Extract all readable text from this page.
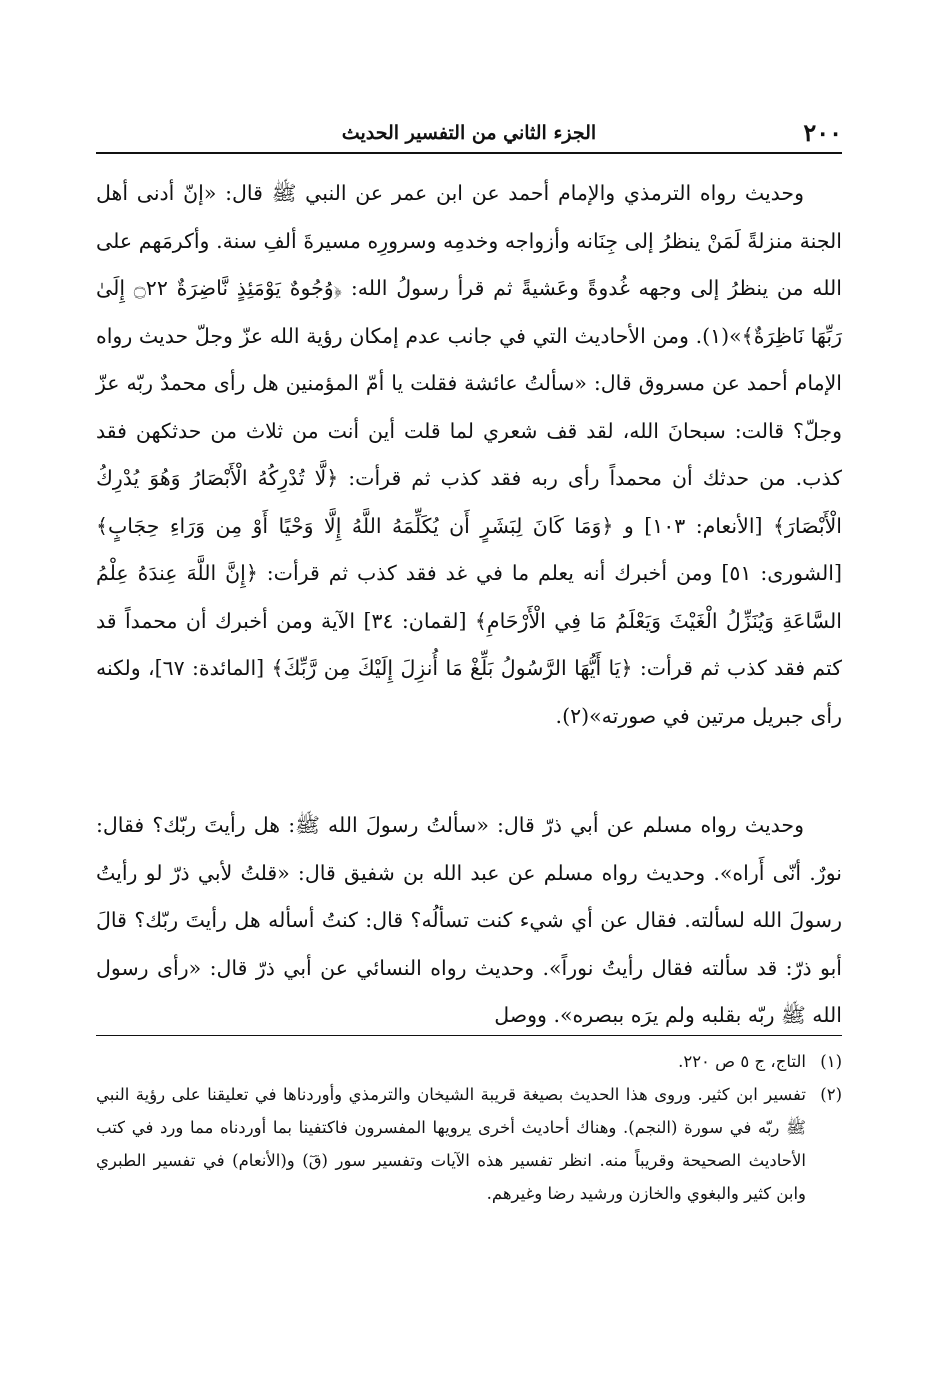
٢٠٠
الجزء الثاني من التفسير الحديث

وحديث رواه الترمذي والإمام أحمد عن ابن عمر عن النبي ﷺ قال: «إنّ أدنى أهل الجنة منزلةً لَمَنْ ينظرُ إلى جِنَانه وأزواجه وخدمِه وسرورِه مسيرةَ ألفِ سنة. وأكرمَهم على الله من ينظرُ إلى وجهه غُدوةً وعَشيةً ثم قرأ رسولُ الله: ﴿وُجُوهٌ يَوْمَئِذٍ نَّاضِرَةٌ ۝٢٢ إِلَىٰ رَبِّهَا نَاظِرَةٌ﴾»(١). ومن الأحاديث التي في جانب عدم إمكان رؤية الله عزّ وجلّ حديث رواه الإمام أحمد عن مسروق قال: «سألتُ عائشة فقلت يا أمّ المؤمنين هل رأى محمدٌ ربّه عزّ وجلّ؟ قالت: سبحانَ الله، لقد قف شعري لما قلت أين أنت من ثلاث من حدثكهن فقد كذب. من حدثك أن محمداً رأى ربه فقد كذب ثم قرأت: ﴿لَّا تُدْرِكُهُ الْأَبْصَارُ وَهُوَ يُدْرِكُ الْأَبْصَارَ﴾ [الأنعام: ١٠٣] و ﴿وَمَا كَانَ لِبَشَرٍ أَن يُكَلِّمَهُ اللَّهُ إِلَّا وَحْيًا أَوْ مِن وَرَاءِ حِجَابٍ﴾ [الشورى: ٥١] ومن أخبرك أنه يعلم ما في غد فقد كذب ثم قرأت: ﴿إِنَّ اللَّهَ عِندَهُ عِلْمُ السَّاعَةِ وَيُنَزِّلُ الْغَيْثَ وَيَعْلَمُ مَا فِي الْأَرْحَامِ﴾ [لقمان: ٣٤] الآية ومن أخبرك أن محمداً قد كتم فقد كذب ثم قرأت: ﴿يَا أَيُّهَا الرَّسُولُ بَلِّغْ مَا أُنزِلَ إِلَيْكَ مِن رَّبِّكَ﴾ [المائدة: ٦٧]، ولكنه رأى جبريل مرتين في صورته»(٢).

وحديث رواه مسلم عن أبي ذرّ قال: «سألتُ رسولَ الله ﷺ: هل رأيتَ ربّك؟ فقال: نورٌ. أنّى أَراه». وحديث رواه مسلم عن عبد الله بن شفيق قال: «قلتُ لأبي ذرّ لو رأيتُ رسولَ الله لسألته. فقال عن أي شيء كنت تسألُه؟ قال: كنتُ أسأله هل رأيتَ ربّك؟ قالَ أبو ذرّ: قد سألته فقال رأيتُ نوراً». وحديث رواه النسائي عن أبي ذرّ قال: «رأى رسول الله ﷺ ربّه بقلبه ولم يرَه ببصره». ووصل

(١)
التاج، ج ٥ ص ٢٢٠.
(٢)
تفسير ابن كثير. وروى هذا الحديث بصيغة قريبة الشيخان والترمذي وأوردناها في تعليقنا على رؤية النبي ﷺ ربّه في سورة (النجم). وهناك أحاديث أخرى يرويها المفسرون فاكتفينا بما أوردناه مما ورد في كتب الأحاديث الصحيحة وقريباً منه. انظر تفسير هذه الآيات وتفسير سور (قٓ) و(الأنعام) في تفسير الطبري وابن كثير والبغوي والخازن ورشيد رضا وغيرهم.
